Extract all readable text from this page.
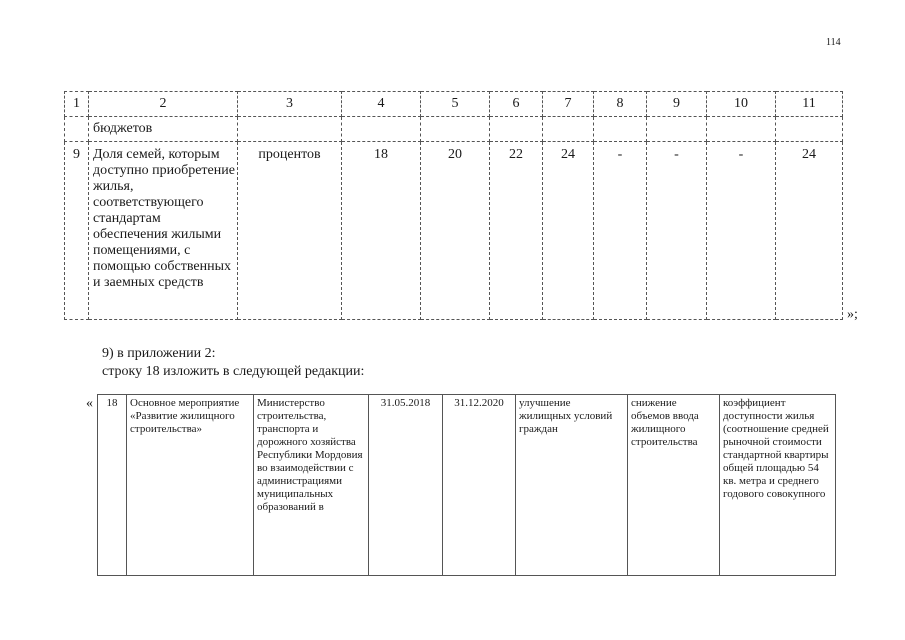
114
1	2	3	4	5	6	7	8	9	10	11
	бюджетов									
9	Доля семей, которым доступно приобретение жилья, соответствующего стандартам обеспечения жилыми помещениями, с помощью собственных и заемных средств	процентов	18	20	22	24	-	-	-	24
»;
9) в приложении 2:
строку 18 изложить в следующей редакции:
« 18	Основное мероприятие «Развитие жилищного строительства»	Министерство строительства, транспорта и дорожного хозяйства Республики Мордовия во взаимодействии с администрациями муниципальных образований в	31.05.2018	31.12.2020	улучшение жилищных условий граждан	снижение объемов ввода жилищного строительства	коэффициент доступности жилья (соотношение средней рыночной стоимости стандартной квартиры общей площадью 54 кв. метра и среднего годового совокупного
